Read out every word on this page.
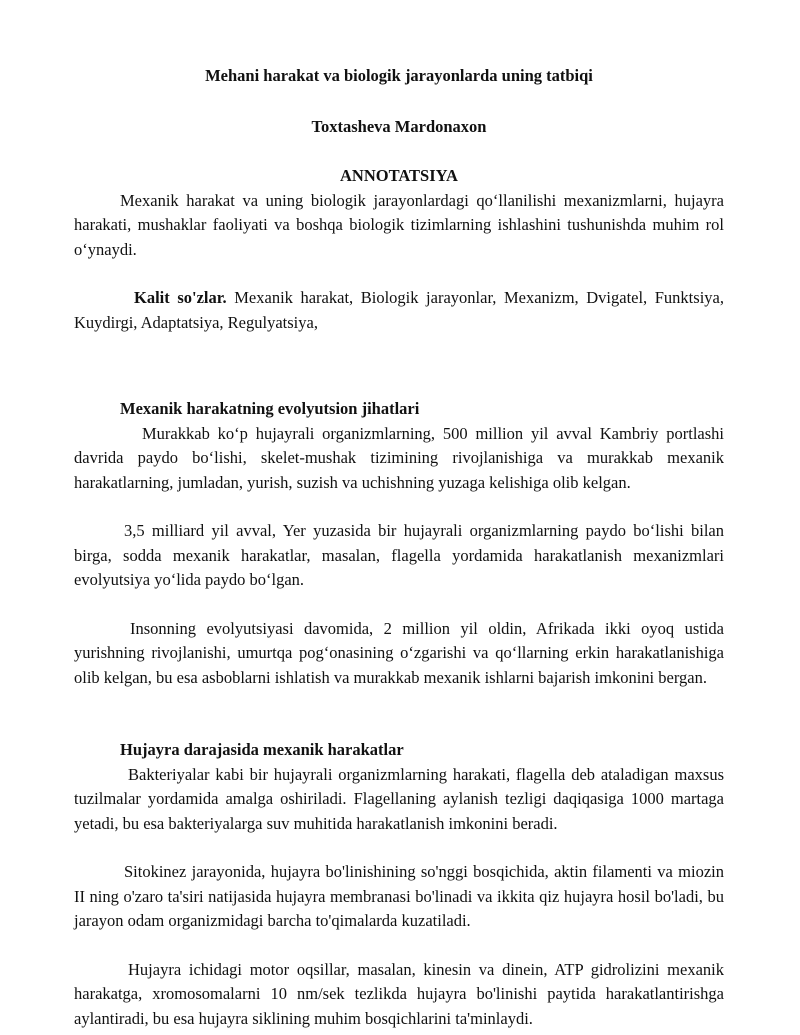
Mehani harakat va biologik jarayonlarda uning tatbiqi

Toxtasheva Mardonaxon

ANNOTATSIYA

Mexanik harakat va uning biologik jarayonlardagi qo‘llanilishi mexanizmlarni, hujayra harakati, mushaklar faoliyati va boshqa biologik tizimlarning ishlashini tushunishda muhim rol o‘ynaydi.

Kalit so'zlar. Mexanik harakat, Biologik jarayonlar, Mexanizm, Dvigatel, Funktsiya, Kuydirgi, Adaptatsiya, Regulyatsiya,

Mexanik harakatning evolyutsion jihatlari

Murakkab ko‘p hujayrali organizmlarning, 500 million yil avval Kambriy portlashi davrida paydo bo‘lishi, skelet-mushak tizimining rivojlanishiga va murakkab mexanik harakatlarning, jumladan, yurish, suzish va uchishning yuzaga kelishiga olib kelgan.

3,5 milliard yil avval, Yer yuzasida bir hujayrali organizmlarning paydo bo‘lishi bilan birga, sodda mexanik harakatlar, masalan, flagella yordamida harakatlanish mexanizmlari evolyutsiya yo‘lida paydo bo‘lgan.

Insonning evolyutsiyasi davomida, 2 million yil oldin, Afrikada ikki oyoq ustida yurishning rivojlanishi, umurtqa pog‘onasining o‘zgarishi va qo‘llarning erkin harakatlanishiga olib kelgan, bu esa asboblarni ishlatish va murakkab mexanik ishlarni bajarish imkonini bergan.

Hujayra darajasida mexanik harakatlar

Bakteriyalar kabi bir hujayrali organizmlarning harakati, flagella deb ataladigan maxsus tuzilmalar yordamida amalga oshiriladi. Flagellaning aylanish tezligi daqiqasiga 1000 martaga yetadi, bu esa bakteriyalarga suv muhitida harakatlanish imkonini beradi.

Sitokinez jarayonida, hujayra bo'linishining so'nggi bosqichida, aktin filamenti va miozin II ning o'zaro ta'siri natijasida hujayra membranasi bo'linadi va ikkita qiz hujayra hosil bo'ladi, bu jarayon odam organizmidagi barcha to'qimalarda kuzatiladi.

Hujayra ichidagi motor oqsillar, masalan, kinesin va dinein, ATP gidrolizini mexanik harakatga, xromosomalarni 10 nm/sek tezlikda hujayra bo'linishi paytida harakatlantirishga aylantiradi, bu esa hujayra siklining muhim bosqichlarini ta'minlaydi.
